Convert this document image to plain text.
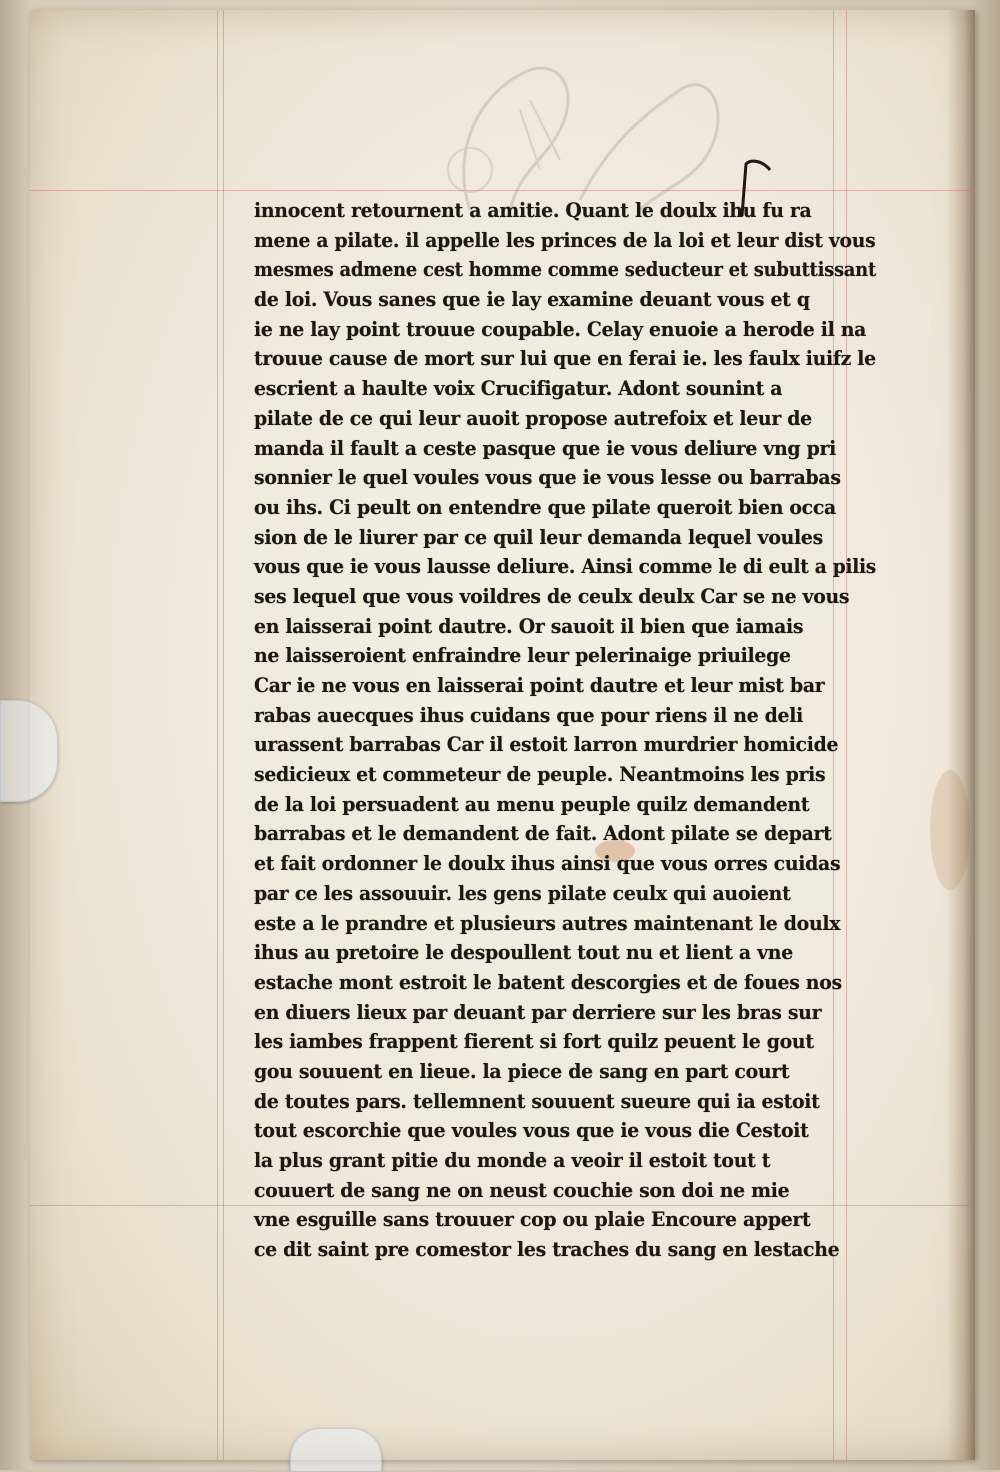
innocent retournent a amitie. Quant le doulx ihu fu ra
mene a pilate. il appelle les princes de la loi et leur dist vous
mesmes admene cest homme comme seducteur et subuttissant
de loi. Vous sanes que ie lay examine deuant vous et q
ie ne lay point trouue coupable. Celay enuoie a herode il na
trouue cause de mort sur lui que en ferai ie. les faulx iuifz le
escrient a haulte voix Crucifigatur. Adont sounint a
pilate de ce qui leur auoit propose autrefoix et leur de
manda il fault a ceste pasque que ie vous deliure vng pri
sonnier le quel voules vous que ie vous lesse ou barrabas
ou ihs. Ci peult on entendre que pilate queroit bien occa
sion de le liurer par ce quil leur demanda lequel voules
vous que ie vous lausse deliure. Ainsi comme le di eult a pilis
ses lequel que vous voildres de ceulx deulx Car se ne vous
en laisserai point dautre. Or sauoit il bien que iamais
ne laisseroient enfraindre leur pelerinaige priuilege
Car ie ne vous en laisserai point dautre et leur mist bar
rabas auecques ihus cuidans que pour riens il ne deli
urassent barrabas Car il estoit larron murdrier homicide
sedicieux et commeteur de peuple. Neantmoins les pris
de la loi persuadent au menu peuple quilz demandent
barrabas et le demandent de fait. Adont pilate se depart
et fait ordonner le doulx ihus ainsi que vous orres cuidas
par ce les assouuir. les gens pilate ceulx qui auoient
este a le prandre et plusieurs autres maintenant le doulx
ihus au pretoire le despoullent tout nu et lient a vne
estache mont estroit le batent descorgies et de foues nos
en diuers lieux par deuant par derriere sur les bras sur
les iambes frappent fierent si fort quilz peuent le gout
gou souuent en lieue. la piece de sang en part court
de toutes pars. tellemnent souuent sueure qui ia estoit
tout escorchie que voules vous que ie vous die Cestoit
la plus grant pitie du monde a veoir il estoit tout t
couuert de sang ne on neust couchie son doi ne mie
vne esguille sans trouuer cop ou plaie Encoure appert
ce dit saint pre comestor les traches du sang en lestache
